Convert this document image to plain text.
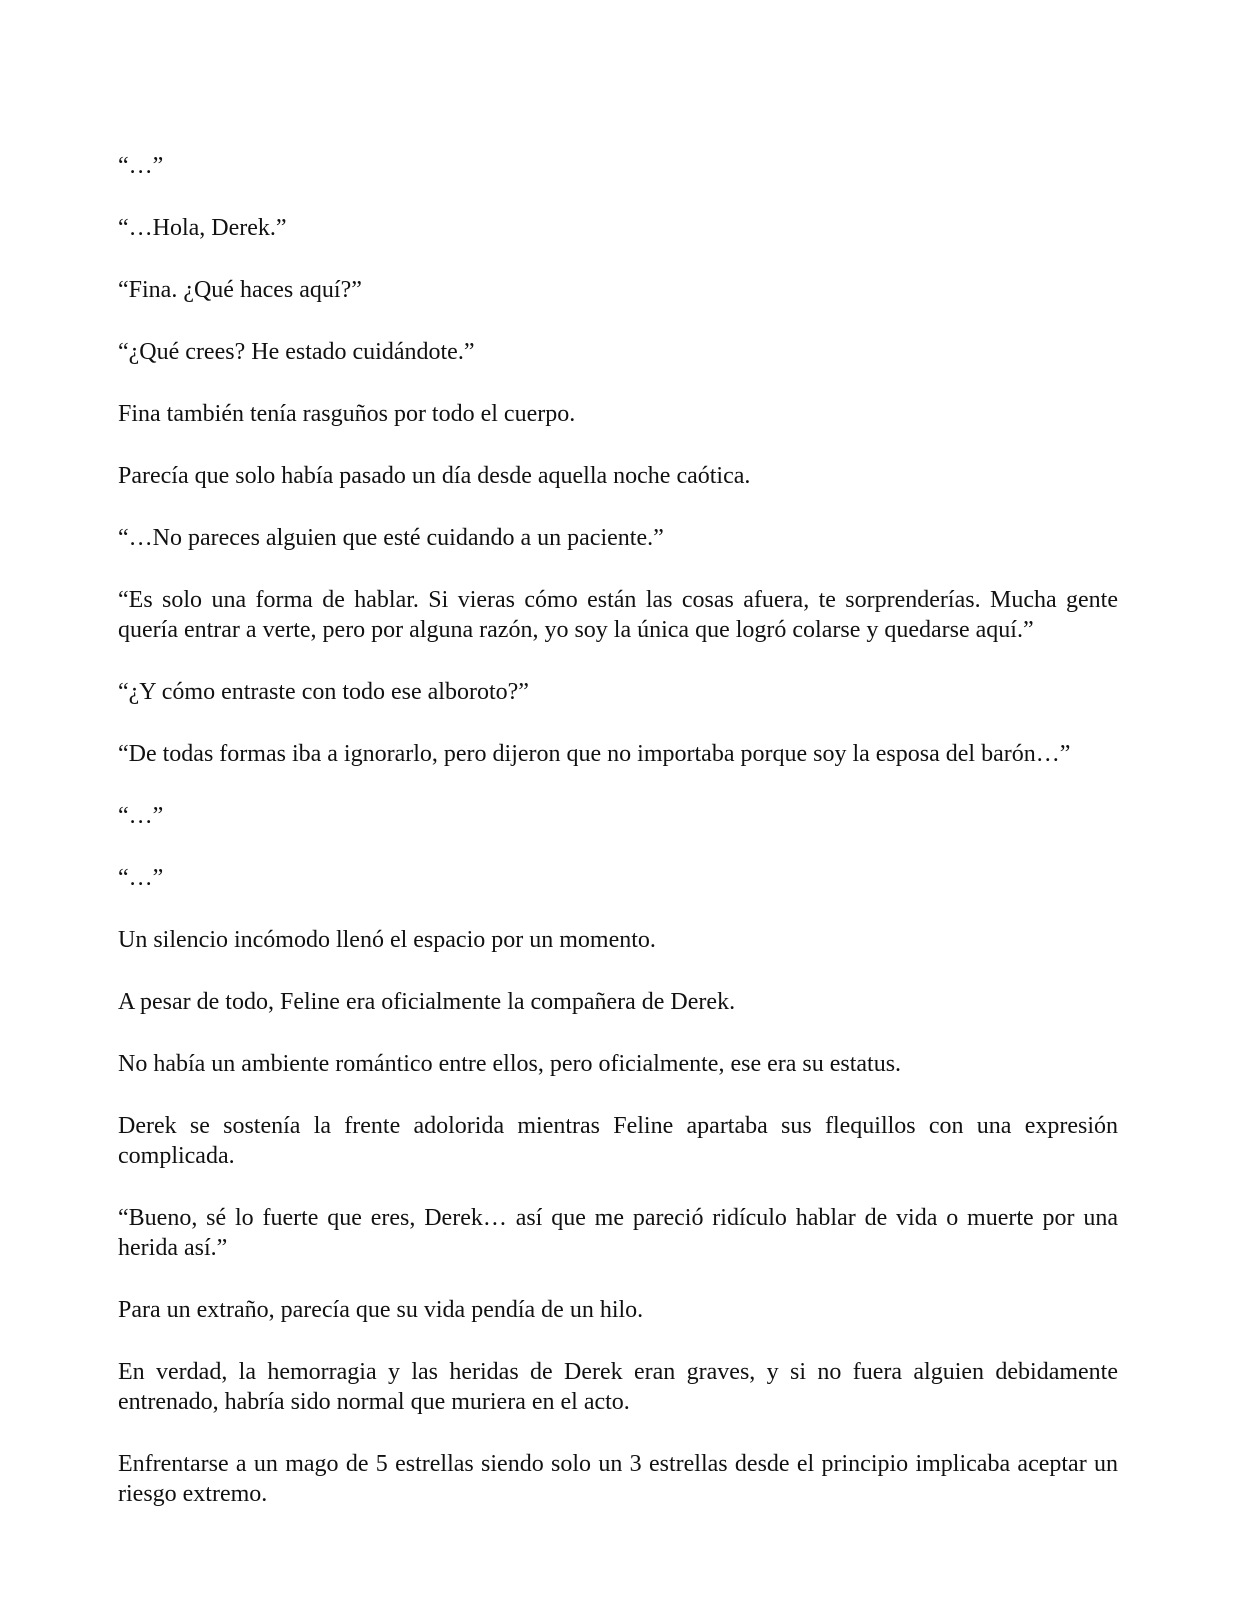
“…”

“…Hola, Derek.”

“Fina. ¿Qué haces aquí?”

“¿Qué crees? He estado cuidándote.”

Fina también tenía rasguños por todo el cuerpo.

Parecía que solo había pasado un día desde aquella noche caótica.

“…No pareces alguien que esté cuidando a un paciente.”

“Es solo una forma de hablar. Si vieras cómo están las cosas afuera, te sorprenderías. Mucha gente quería entrar a verte, pero por alguna razón, yo soy la única que logró colarse y quedarse aquí.”

“¿Y cómo entraste con todo ese alboroto?”

“De todas formas iba a ignorarlo, pero dijeron que no importaba porque soy la esposa del barón…”

“…”

“…”

Un silencio incómodo llenó el espacio por un momento.

A pesar de todo, Feline era oficialmente la compañera de Derek.

No había un ambiente romántico entre ellos, pero oficialmente, ese era su estatus.

Derek se sostenía la frente adolorida mientras Feline apartaba sus flequillos con una expresión complicada.

“Bueno, sé lo fuerte que eres, Derek… así que me pareció ridículo hablar de vida o muerte por una herida así.”

Para un extraño, parecía que su vida pendía de un hilo.

En verdad, la hemorragia y las heridas de Derek eran graves, y si no fuera alguien debidamente entrenado, habría sido normal que muriera en el acto.

Enfrentarse a un mago de 5 estrellas siendo solo un 3 estrellas desde el principio implicaba aceptar un riesgo extremo.
